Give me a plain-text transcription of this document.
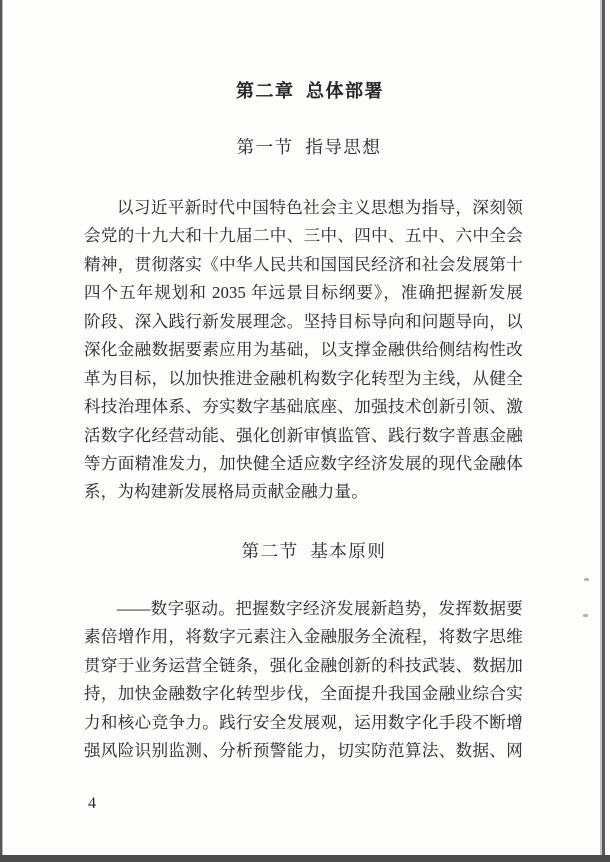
第二章 总体部署
第一节  指导思想
以习近平新时代中国特色社会主义思想为指导，深刻领
会党的十九大和十九届二中、三中、四中、五中、六中全会
精神，贯彻落实《中华人民共和国国民经济和社会发展第十
四个五年规划和 2035 年远景目标纲要》，准确把握新发展
阶段、深入践行新发展理念。坚持目标导向和问题导向，以
深化金融数据要素应用为基础，以支撑金融供给侧结构性改
革为目标，以加快推进金融机构数字化转型为主线，从健全
科技治理体系、夯实数字基础底座、加强技术创新引领、激
活数字化经营动能、强化创新审慎监管、践行数字普惠金融
等方面精准发力，加快健全适应数字经济发展的现代金融体
系，为构建新发展格局贡献金融力量。
第二节  基本原则
——数字驱动。把握数字经济发展新趋势，发挥数据要
素倍增作用，将数字元素注入金融服务全流程，将数字思维
贯穿于业务运营全链条，强化金融创新的科技武装、数据加
持，加快金融数字化转型步伐，全面提升我国金融业综合实
力和核心竞争力。践行安全发展观，运用数字化手段不断增
强风险识别监测、分析预警能力，切实防范算法、数据、网
4
